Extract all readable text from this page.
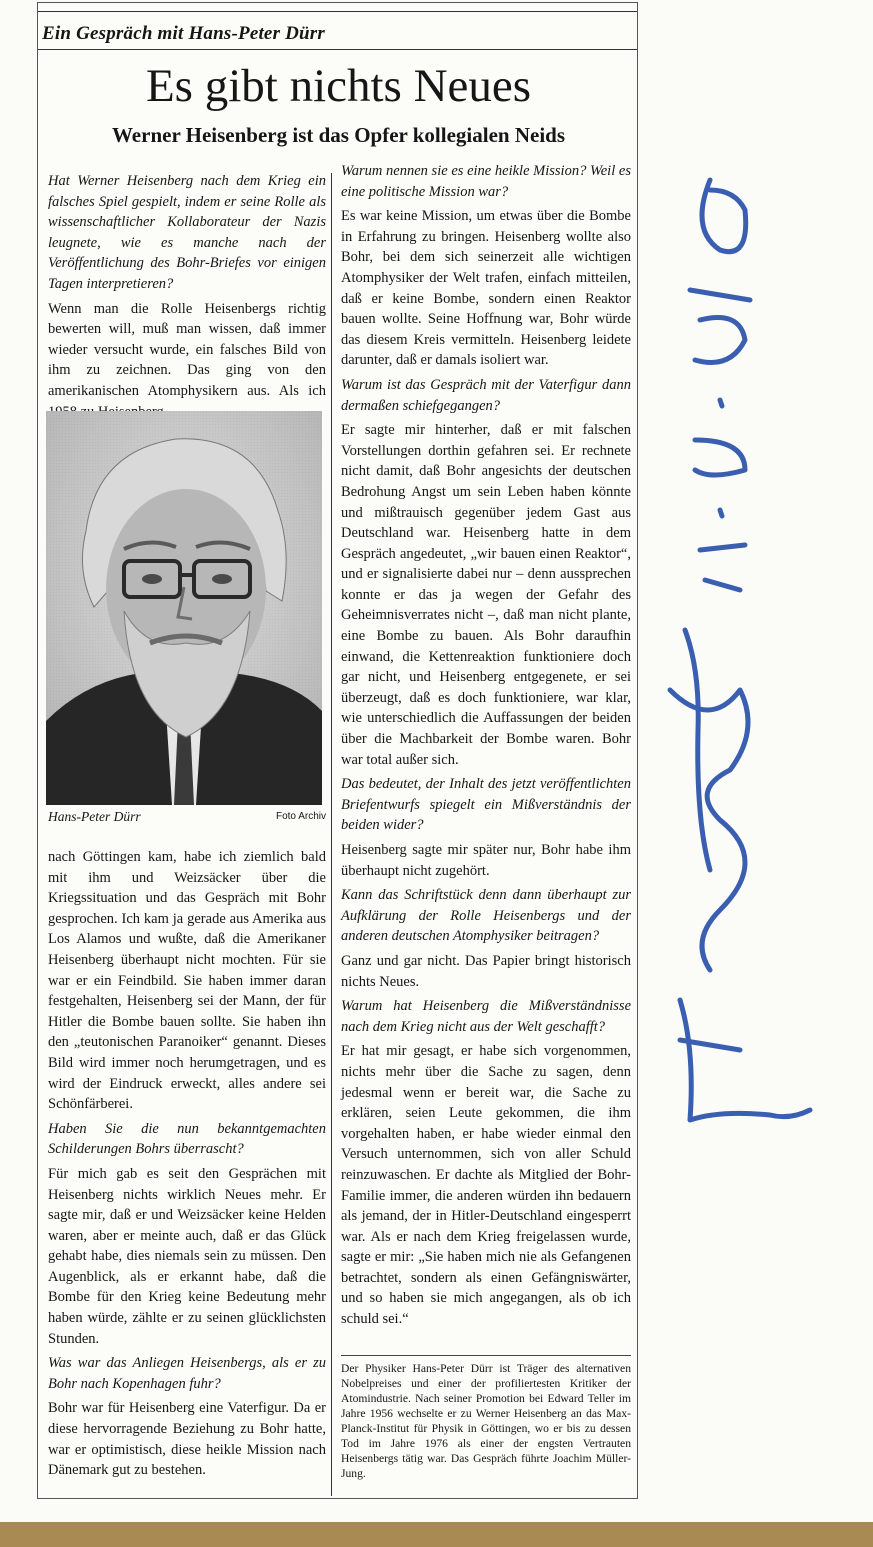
Ein Gespräch mit Hans-Peter Dürr
Es gibt nichts Neues
Werner Heisenberg ist das Opfer kollegialen Neids

Hat Werner Heisenberg nach dem Krieg ein falsches Spiel gespielt, indem er seine Rolle als wissenschaftlicher Kollaborateur der Nazis leugnete, wie es manche nach der Veröffentlichung des Bohr-Briefes vor einigen Tagen interpretieren?

Wenn man die Rolle Heisenbergs richtig bewerten will, muß man wissen, daß immer wieder versucht wurde, ein falsches Bild von ihm zu zeichnen. Das ging von den amerikanischen Atomphysikern aus. Als ich

Hans-Peter Dürr	Foto Archiv

nach Göttingen kam, habe ich ziemlich bald mit ihm und Weizsäcker über die Kriegssituation und das Gespräch mit Bohr gesprochen. Ich kam ja gerade aus Amerika aus Los Alamos und wußte, daß die Amerikaner Heisenberg überhaupt nicht mochten. Für sie war er ein Feindbild. Sie haben immer daran festgehalten, Heisenberg sei der Mann, der für Hitler die Bombe bauen sollte. Sie haben ihn den „teutonischen Paranoiker“ genannt. Dieses Bild wird immer noch herumgetragen, und es wird der Eindruck erweckt, alles andere sei Schönfärberei.

Haben Sie die nun bekanntgemachten Schilderungen Bohrs überrascht?

Für mich gab es seit den Gesprächen mit Heisenberg nichts wirklich Neues mehr. Er sagte mir, daß er und Weizsäcker keine Helden waren, aber er meinte auch, daß er das Glück gehabt habe, dies niemals sein zu müssen. Den Augenblick, als er erkannt habe, daß die Bombe für den Krieg keine Bedeutung mehr haben würde, zählte er zu seinen glücklichsten Stunden.

Was war das Anliegen Heisenbergs, als er zu Bohr nach Kopenhagen fuhr?

Bohr war für Heisenberg eine Vaterfigur. Da er diese hervorragende Beziehung zu Bohr hatte, war er optimistisch, diese heikle Mission nach Dänemark gut zu bestehen.

Warum nennen sie es eine heikle Mission? Weil es eine politische Mission war?

Es war keine Mission, um etwas über die Bombe in Erfahrung zu bringen. Heisenberg wollte also Bohr, bei dem sich seinerzeit alle wichtigen Atomphysiker der Welt trafen, einfach mitteilen, daß er keine Bombe, sondern einen Reaktor bauen wollte. Seine Hoffnung war, Bohr würde das diesem Kreis vermitteln. Heisenberg leidete darunter, daß er damals isoliert war.

Warum ist das Gespräch mit der Vaterfigur dann dermaßen schiefgegangen?

Er sagte mir hinterher, daß er mit falschen Vorstellungen dorthin gefahren sei. Er rechnete nicht damit, daß Bohr angesichts der deutschen Bedrohung Angst um sein Leben haben könnte und mißtrauisch gegenüber jedem Gast aus Deutschland war. Heisenberg hatte in dem Gespräch angedeutet, „wir bauen einen Reaktor“, und er signalisierte dabei nur – denn aussprechen konnte er das ja wegen der Gefahr des Geheimnisverrates nicht –, daß man nicht plante, eine Bombe zu bauen. Als Bohr daraufhin einwand, die Kettenreaktion funktioniere doch gar nicht, und Heisenberg entgegenete, er sei überzeugt, daß es doch funktioniere, war klar, wie unterschiedlich die Auffassungen der beiden über die Machbarkeit der Bombe waren. Bohr war total außer sich.

Das bedeutet, der Inhalt des jetzt veröffentlichten Briefentwurfs spiegelt ein Mißverständnis der beiden wider?

Heisenberg sagte mir später nur, Bohr habe ihm überhaupt nicht zugehört.

Kann das Schriftstück denn dann überhaupt zur Aufklärung der Rolle Heisenbergs und der anderen deutschen Atomphysiker beitragen?

Ganz und gar nicht. Das Papier bringt historisch nichts Neues.

Warum hat Heisenberg die Mißverständnisse nach dem Krieg nicht aus der Welt geschafft?

Er hat mir gesagt, er habe sich vorgenommen, nichts mehr über die Sache zu sagen, denn jedesmal wenn er bereit war, die Sache zu erklären, seien Leute gekommen, die ihm vorgehalten haben, er habe wieder einmal den Versuch unternommen, sich von aller Schuld reinzuwaschen. Er dachte als Mitglied der Bohr-Familie immer, die anderen würden ihn bedauern als jemand, der in Hitler-Deutschland eingesperrt war. Als er nach dem Krieg freigelassen wurde, sagte er mir: „Sie haben mich nie als Gefangenen betrachtet, sondern als einen Gefängniswärter, und so haben sie mich angegangen, als ob ich schuld sei.“

Der Physiker Hans-Peter Dürr ist Träger des alternativen Nobelpreises und einer der profiliertesten Kritiker der Atomindustrie. Nach seiner Promotion bei Edward Teller im Jahre 1956 wechselte er zu Werner Heisenberg an das Max-Planck-Institut für Physik in Göttingen, wo er bis zu dessen Tod im Jahre 1976 als einer der engsten Vertrauten Heisenbergs tätig war. Das Gespräch führte Joachim Müller-Jung.
